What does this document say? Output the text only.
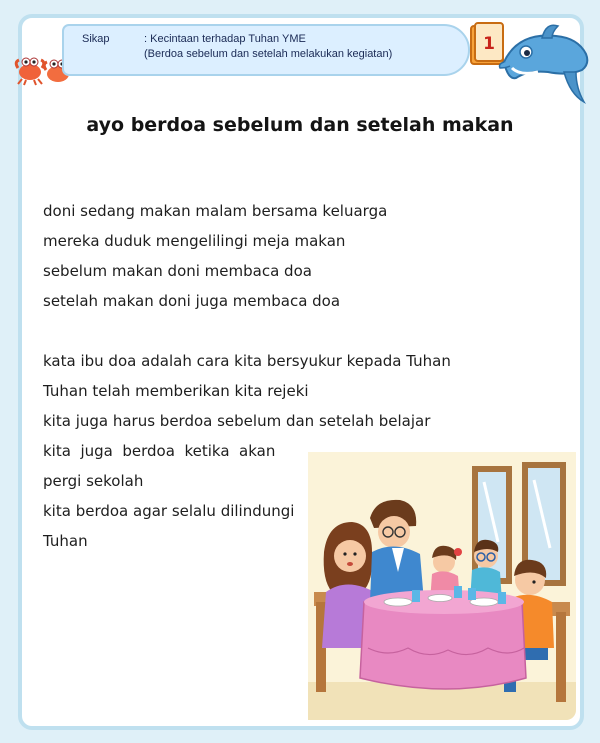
Sikap	: Kecintaan terhadap Tuhan YME
(Berdoa sebelum dan setelah melakukan kegiatan)	1
ayo berdoa sebelum dan setelah makan
doni sedang makan malam bersama keluarga
mereka duduk mengelilingi meja makan
sebelum makan doni membaca doa
setelah makan doni juga membaca doa
kata ibu doa adalah cara kita bersyukur kepada Tuhan
Tuhan telah memberikan kita rejeki
kita juga harus berdoa sebelum dan setelah belajar
kita  juga  berdoa  ketika  akan
pergi sekolah
kita berdoa agar selalu dilindungi
Tuhan
